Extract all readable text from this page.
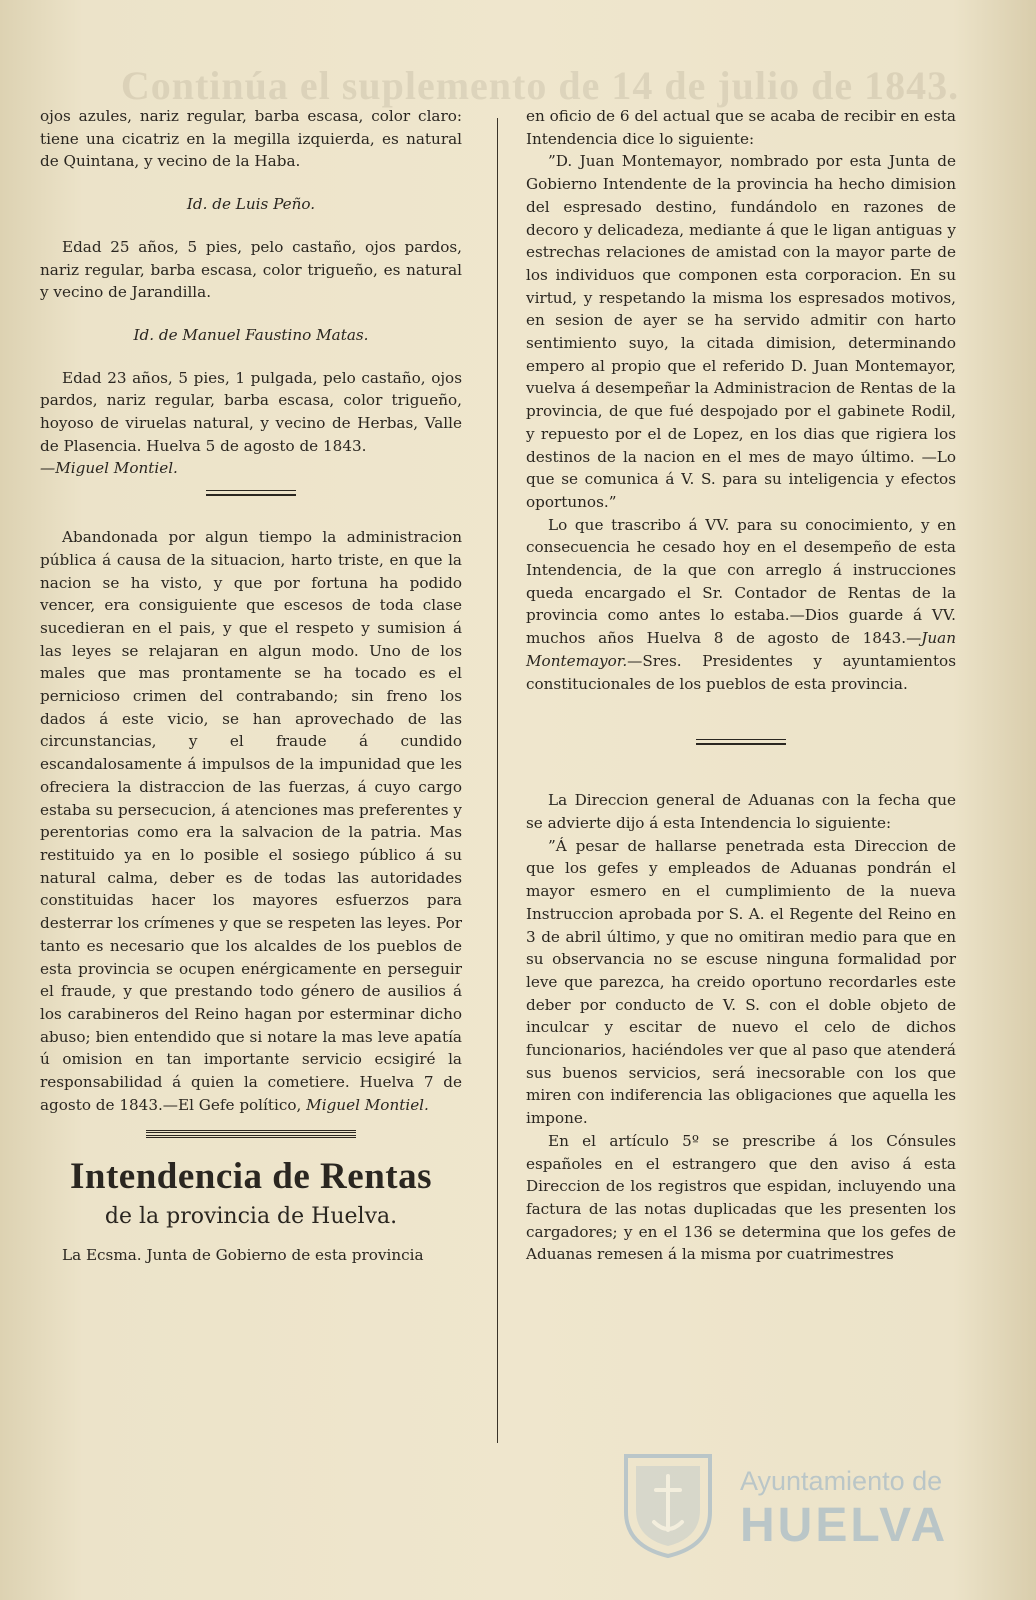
Continúa el suplemento de 14 de julio de 1843.

ojos azules, nariz regular, barba escasa, color claro: tiene una cicatriz en la megilla izquierda, es natural de Quintana, y vecino de la Haba.

Id. de Luis Peño.

Edad 25 años, 5 pies, pelo castaño, ojos pardos, nariz regular, barba escasa, color trigueño, es natural y vecino de Jarandilla.

Id. de Manuel Faustino Matas.

Edad 23 años, 5 pies, 1 pulgada, pelo castaño, ojos pardos, nariz regular, barba escasa, color trigueño, hoyoso de viruelas natural, y vecino de Herbas, Valle de Plasencia. Huelva 5 de agosto de 1843.

—Miguel Montiel.

Abandonada por algun tiempo la administracion pública á causa de la situacion, harto triste, en que la nacion se ha visto, y que por fortuna ha podido vencer, era consiguiente que escesos de toda clase sucedieran en el pais, y que el respeto y sumision á las leyes se relajaran en algun modo. Uno de los males que mas prontamente se ha tocado es el pernicioso crimen del contrabando; sin freno los dados á este vicio, se han aprovechado de las circunstancias, y el fraude á cundido escandalosamente á impulsos de la impunidad que les ofreciera la distraccion de las fuerzas, á cuyo cargo estaba su persecucion, á atenciones mas preferentes y perentorias como era la salvacion de la patria. Mas restituido ya en lo posible el sosiego público á su natural calma, deber es de todas las autoridades constituidas hacer los mayores esfuerzos para desterrar los crímenes y que se respeten las leyes. Por tanto es necesario que los alcaldes de los pueblos de esta provincia se ocupen enérgicamente en perseguir el fraude, y que prestando todo género de ausilios á los carabineros del Reino hagan por esterminar dicho abuso; bien entendido que si notare la mas leve apatía ú omision en tan importante servicio ecsigiré la responsabilidad á quien la cometiere. Huelva 7 de agosto de 1843.—El Gefe político, Miguel Montiel.

Intendencia de Rentas
de la provincia de Huelva.

La Ecsma. Junta de Gobierno de esta provincia

en oficio de 6 del actual que se acaba de recibir en esta Intendencia dice lo siguiente:

”D. Juan Montemayor, nombrado por esta Junta de Gobierno Intendente de la provincia ha hecho dimision del espresado destino, fundándolo en razones de decoro y delicadeza, mediante á que le ligan antiguas y estrechas relaciones de amistad con la mayor parte de los individuos que componen esta corporacion. En su virtud, y respetando la misma los espresados motivos, en sesion de ayer se ha servido admitir con harto sentimiento suyo, la citada dimision, determinando empero al propio que el referido D. Juan Montemayor, vuelva á desempeñar la Administracion de Rentas de la provincia, de que fué despojado por el gabinete Rodil, y repuesto por el de Lopez, en los dias que rigiera los destinos de la nacion en el mes de mayo último. —Lo que se comunica á V. S. para su inteligencia y efectos oportunos.”

Lo que trascribo á VV. para su conocimiento, y en consecuencia he cesado hoy en el desempeño de esta Intendencia, de la que con arreglo á instrucciones queda encargado el Sr. Contador de Rentas de la provincia como antes lo estaba.—Dios guarde á VV. muchos años Huelva 8 de agosto de 1843.—Juan Montemayor.—Sres. Presidentes y ayuntamientos constitucionales de los pueblos de esta provincia.

La Direccion general de Aduanas con la fecha que se advierte dijo á esta Intendencia lo siguiente:

”Á pesar de hallarse penetrada esta Direccion de que los gefes y empleados de Aduanas pondrán el mayor esmero en el cumplimiento de la nueva Instruccion aprobada por S. A. el Regente del Reino en 3 de abril último, y que no omitiran medio para que en su observancia no se escuse ninguna formalidad por leve que parezca, ha creido oportuno recordarles este deber por conducto de V. S. con el doble objeto de inculcar y escitar de nuevo el celo de dichos funcionarios, haciéndoles ver que al paso que atenderá sus buenos servicios, será inecsorable con los que miren con indiferencia las obligaciones que aquella les impone.

En el artículo 5º se prescribe á los Cónsules españoles en el estrangero que den aviso á esta Direccion de los registros que espidan, incluyendo una factura de las notas duplicadas que les presenten los cargadores; y en el 136 se determina que los gefes de Aduanas remesen á la misma por cuatrimestres

Ayuntamiento de
HUELVA
